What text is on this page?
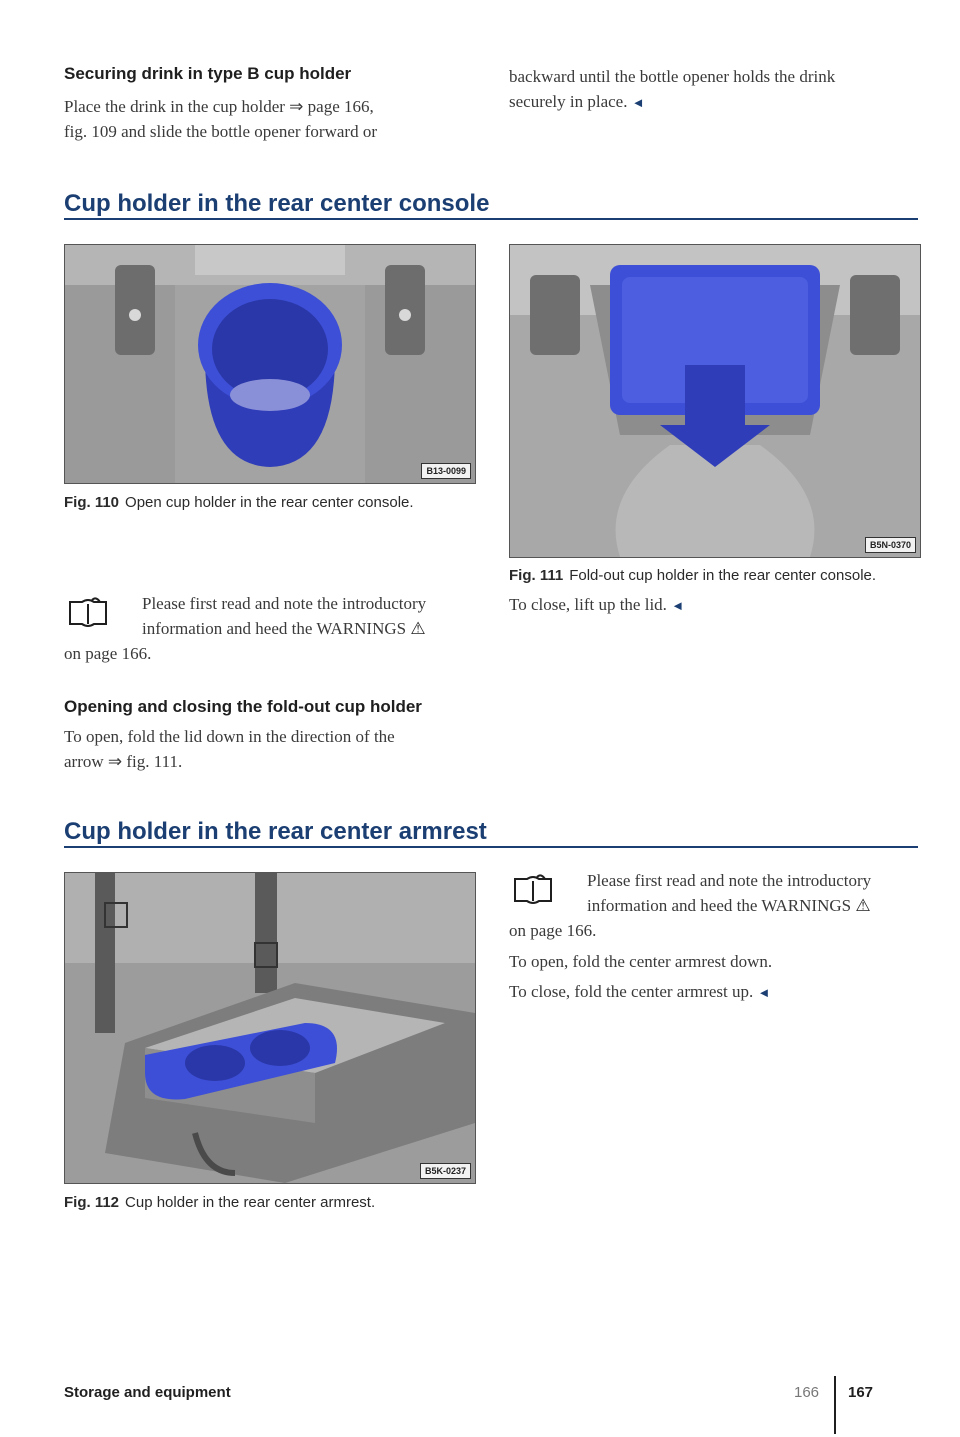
Securing drink in type B cup holder

Place the drink in the cup holder ⇒ page 166,

fig. 109 and slide the bottle opener forward or

backward until the bottle opener holds the drink

securely in place. ◄

Cup holder in the rear center console
B13-0099
Fig. 110 Open cup holder in the rear center console.
B5N-0370
Fig. 111 Fold-out cup holder in the rear center console.

Please first read and note the introductory

information and heed the WARNINGS ⚠

on page 166.

Opening and closing the fold-out cup holder

To open, fold the lid down in the direction of the

arrow ⇒ fig. 111.

To close, lift up the lid. ◄

Cup holder in the rear center armrest
B5K-0237
Fig. 112 Cup holder in the rear center armrest.

Please first read and note the introductory

information and heed the WARNINGS ⚠

on page 166.

To open, fold the center armrest down.

To close, fold the center armrest up. ◄

Storage and equipment	166 167
